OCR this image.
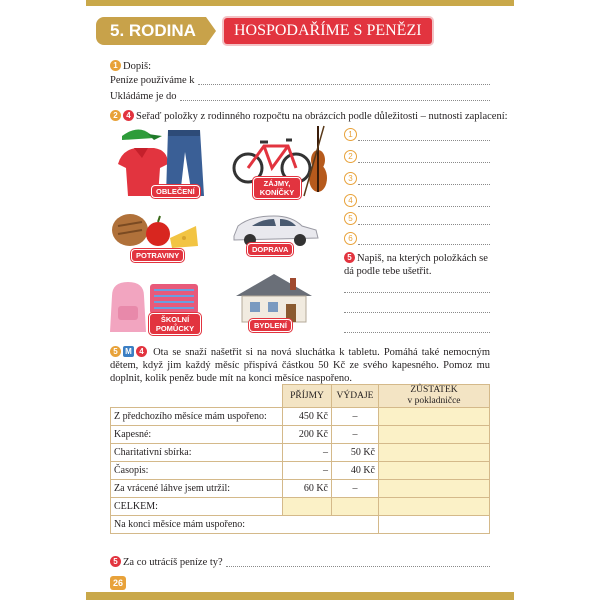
5. RODINA	HOSPODAŘÍME S PENĚZI
1 Dopiš:
Peníze používáme k
Ukládáme je do
2 4 Seřaď položky z rodinného rozpočtu na obrázcích podle důležitosti – nutnosti zaplacení:
OBLEČENÍ
ZÁJMY, KONÍČKY
POTRAVINY
DOPRAVA
ŠKOLNÍ POMŮCKY	BYDLENÍ
1
2
3
4
5
6
5 Napiš, na kterých položkách se dá podle tebe ušetřit.
5 M 4 Ota se snaží našetřit si na nová sluchátka k tabletu. Pomáhá také nemocným dětem, když jim každý měsíc přispívá částkou 50 Kč ze svého kapesného. Pomoz mu doplnit, kolik peněz bude mít na konci měsíce naspořeno.
	PŘÍJMY	VÝDAJE	ZŮSTATEK
v pokladničce
Z předchozího měsíce mám uspořeno:	450 Kč	–	
Kapesné:	200 Kč	–	
Charitativní sbírka:	–	50 Kč	
Časopis:	–	40 Kč	
Za vrácené láhve jsem utržil:	60 Kč	–	
CELKEM:			
Na konci měsíce mám uspořeno:			
5 Za co utrácíš peníze ty?
26
